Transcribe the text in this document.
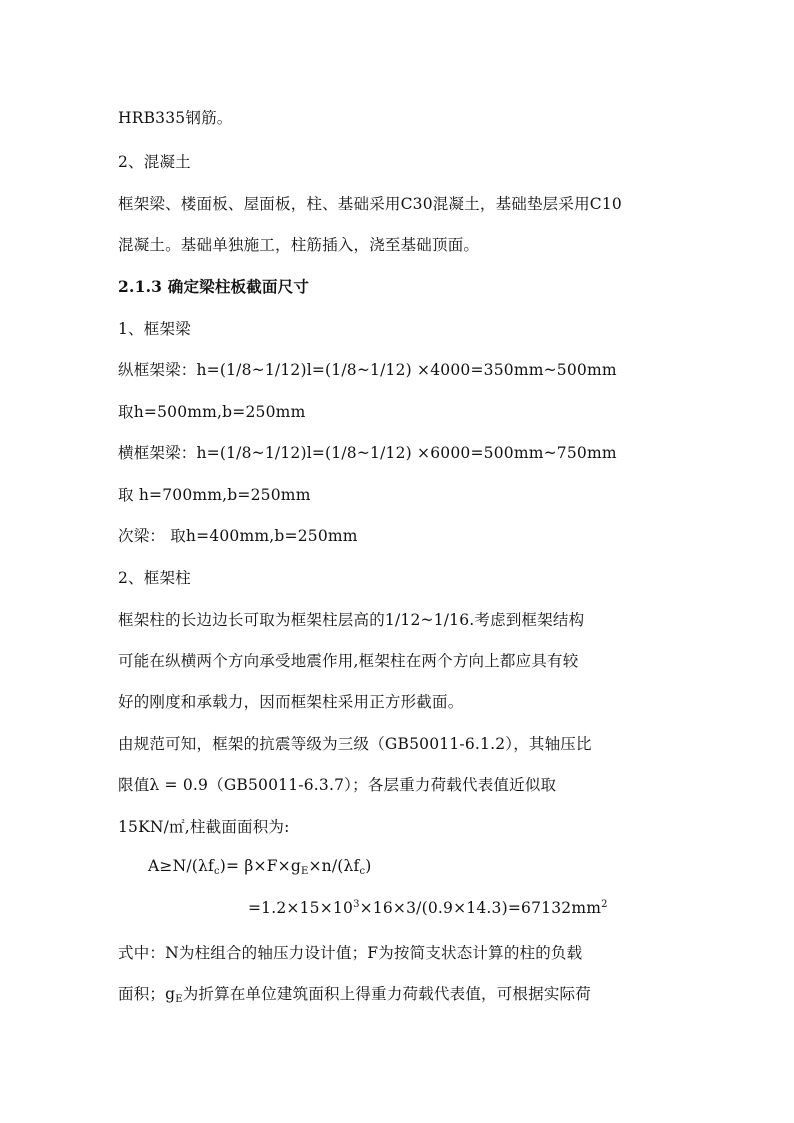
HRB335钢筋。
2、混凝土
框架梁、楼面板、屋面板，柱、基础采用C30混凝土，基础垫层采用C10
混凝土。基础单独施工，柱筋插入，浇至基础顶面。
2.1.3 确定梁柱板截面尺寸
1、框架梁
纵框架梁：h=(1/8~1/12)l=(1/8~1/12) ×4000=350mm~500mm
取h=500mm,b=250mm
横框架梁：h=(1/8~1/12)l=(1/8~1/12) ×6000=500mm~750mm
取 h=700mm,b=250mm
次梁： 取h=400mm,b=250mm
2、框架柱
框架柱的长边边长可取为框架柱层高的1/12~1/16.考虑到框架结构
可能在纵横两个方向承受地震作用,框架柱在两个方向上都应具有较
好的刚度和承载力，因而框架柱采用正方形截面。
由规范可知，框架的抗震等级为三级（GB50011-6.1.2），其轴压比
限值λ = 0.9（GB50011-6.3.7）；各层重力荷载代表值近似取
15KN/㎡,柱截面面积为:
$A\ge N/(\lambda f_c)= \beta\times F\times g_E\times n/(\lambda f_c)$
$=1.2\times 15\times 10^3\times 16\times 3/(0.9\times 14.3)=67132mm^2$
式中：N为柱组合的轴压力设计值；F为按简支状态计算的柱的负载
面积；$g_E$为折算在单位建筑面积上得重力荷载代表值，可根据实际荷
